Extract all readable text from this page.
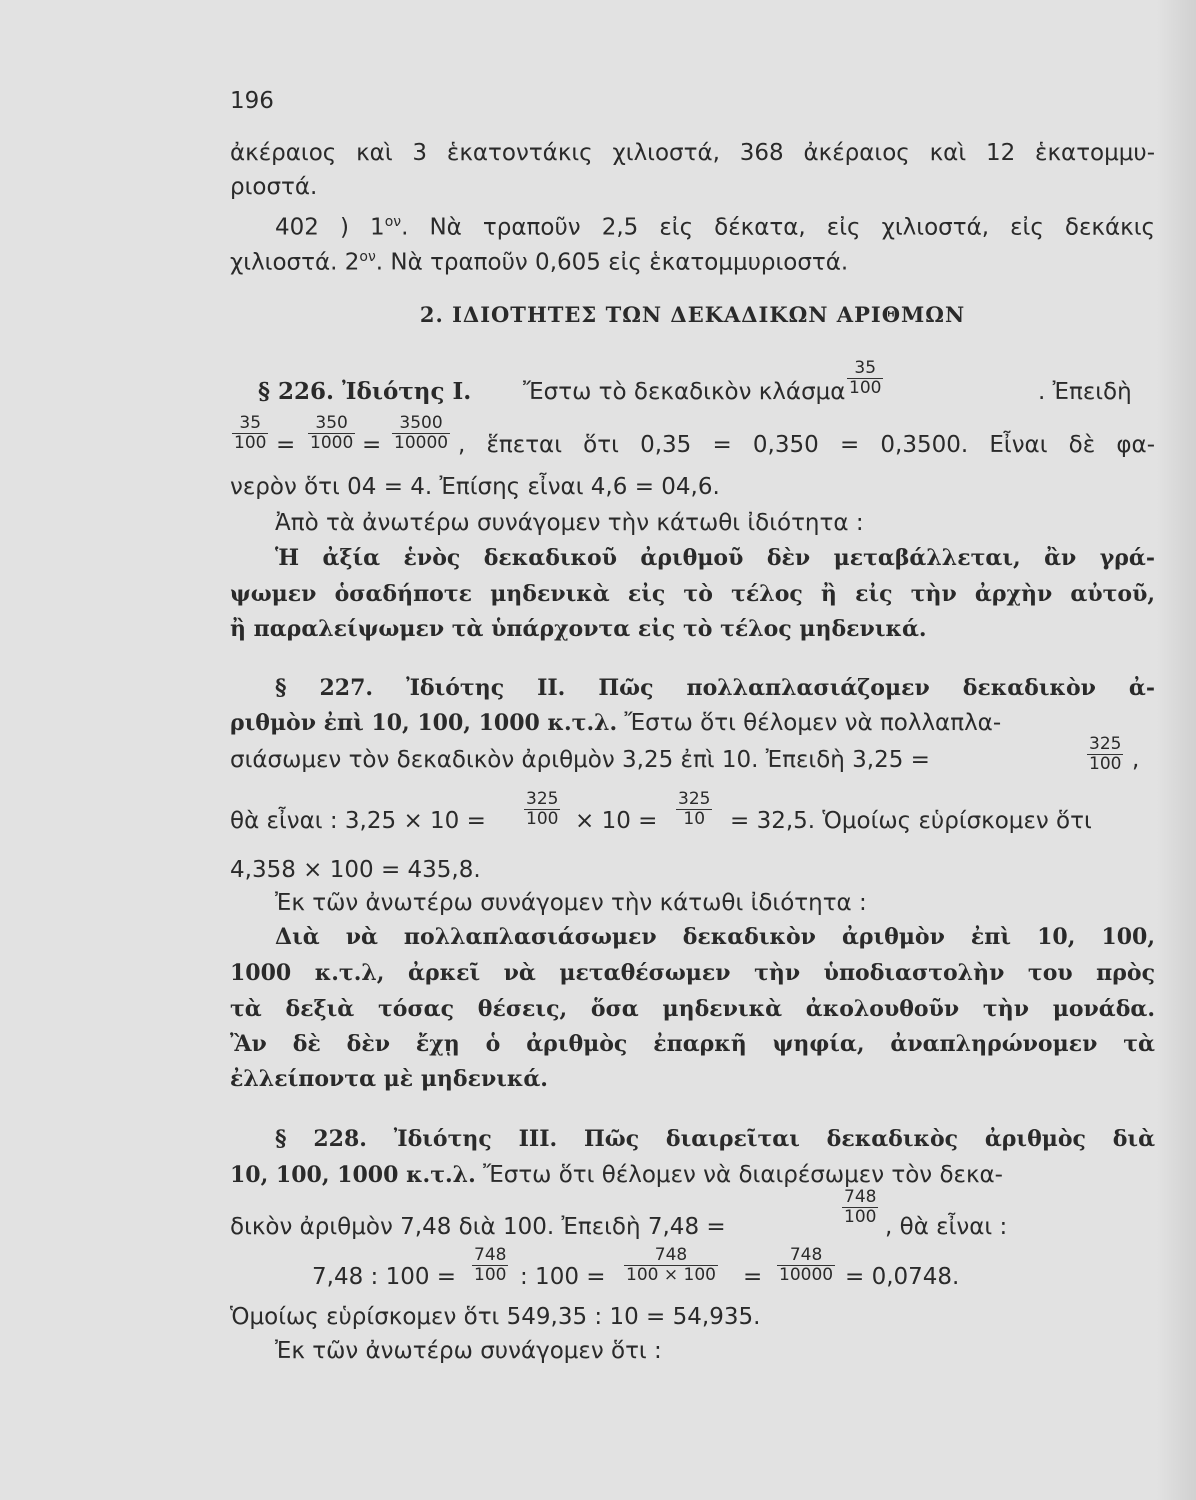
196
ἀκέραιος καὶ 3 ἑκατοντάκις χιλιοστά, 368 ἀκέραιος καὶ 12 ἑκατομμυ-
ριοστά.
402 ) $1^{o\nu}$. Νὰ τραποῦν 2,5 εἰς δέκατα, εἰς χιλιοστά, εἰς δεκάκις
χιλιοστά. $2^{o\nu}$. Νὰ τραποῦν 0,605 εἰς ἑκατομμυριοστά.
2. ΙΔΙΟΤΗΤΕΣ ΤΩΝ ΔΕΚΑΔΙΚΩΝ ΑΡΙΘΜΩΝ
§ 226. Ἰδιότης Ι. Ἔστω τὸ δεκαδικὸν κλάσμα
35
100	. Ἐπειδὴ
35
100 =
350
1000 =
3500
10000 , ἕπεται ὅτι 0,35 = 0,350 = 0,3500. Εἶναι δὲ φα-
νερὸν ὅτι 04 = 4. Ἐπίσης εἶναι 4,6 = 04,6.
Ἀπὸ τὰ ἀνωτέρω συνάγομεν τὴν κάτωθι ἰδιότητα :
Ἡ ἀξία ἑνὸς δεκαδικοῦ ἀριθμοῦ δὲν μεταβάλλεται, ἂν γρά-
ψωμεν ὁσαδήποτε μηδενικὰ εἰς τὸ τέλος ἢ εἰς τὴν ἀρχὴν αὐτοῦ,
ἢ παραλείψωμεν τὰ ὑπάρχοντα εἰς τὸ τέλος μηδενικά.
§ 227. Ἰδιότης ΙΙ. Πῶς πολλαπλασιάζομεν δεκαδικὸν ἀ-
ριθμὸν ἐπὶ 10, 100, 1000 κ.τ.λ. Ἔστω ὅτι θέλομεν νὰ πολλαπλα-
σιάσωμεν τὸν δεκαδικὸν ἀριθμὸν 3,25 ἐπὶ 10. Ἐπειδὴ 3,25 =
325
100 ,
θὰ εἶναι : 3,25 × 10 =
325
100 × 10 =
325
10	= 32,5. Ὁμοίως εὑρίσκομεν ὅτι
4,358 × 100 = 435,8.
Ἐκ τῶν ἀνωτέρω συνάγομεν τὴν κάτωθι ἰδιότητα :
Διὰ νὰ πολλαπλασιάσωμεν δεκαδικὸν ἀριθμὸν ἐπὶ 10, 100,
1000 κ.τ.λ, ἀρκεῖ νὰ μεταθέσωμεν τὴν ὑποδιαστολὴν του πρὸς
τὰ δεξιὰ τόσας θέσεις, ὅσα μηδενικὰ ἀκολουθοῦν τὴν μονάδα.
Ἂν δὲ δὲν ἔχῃ ὁ ἀριθμὸς ἐπαρκῆ ψηφία, ἀναπληρώνομεν τὰ
ἐλλείποντα μὲ μηδενικά.
§ 228. Ἰδιότης ΙΙΙ. Πῶς διαιρεῖται δεκαδικὸς ἀριθμὸς διὰ
10, 100, 1000 κ.τ.λ. Ἔστω ὅτι θέλομεν νὰ διαιρέσωμεν τὸν δεκα-
δικὸν ἀριθμὸν 7,48 διὰ 100. Ἐπειδὴ 7,48 =
748
100 , θὰ εἶναι :
7,48 : 100 =
748
100 : 100 =
748
100 × 100 =
748
10000 = 0,0748.
Ὁμοίως εὑρίσκομεν ὅτι 549,35 : 10 = 54,935.
Ἐκ τῶν ἀνωτέρω συνάγομεν ὅτι :
